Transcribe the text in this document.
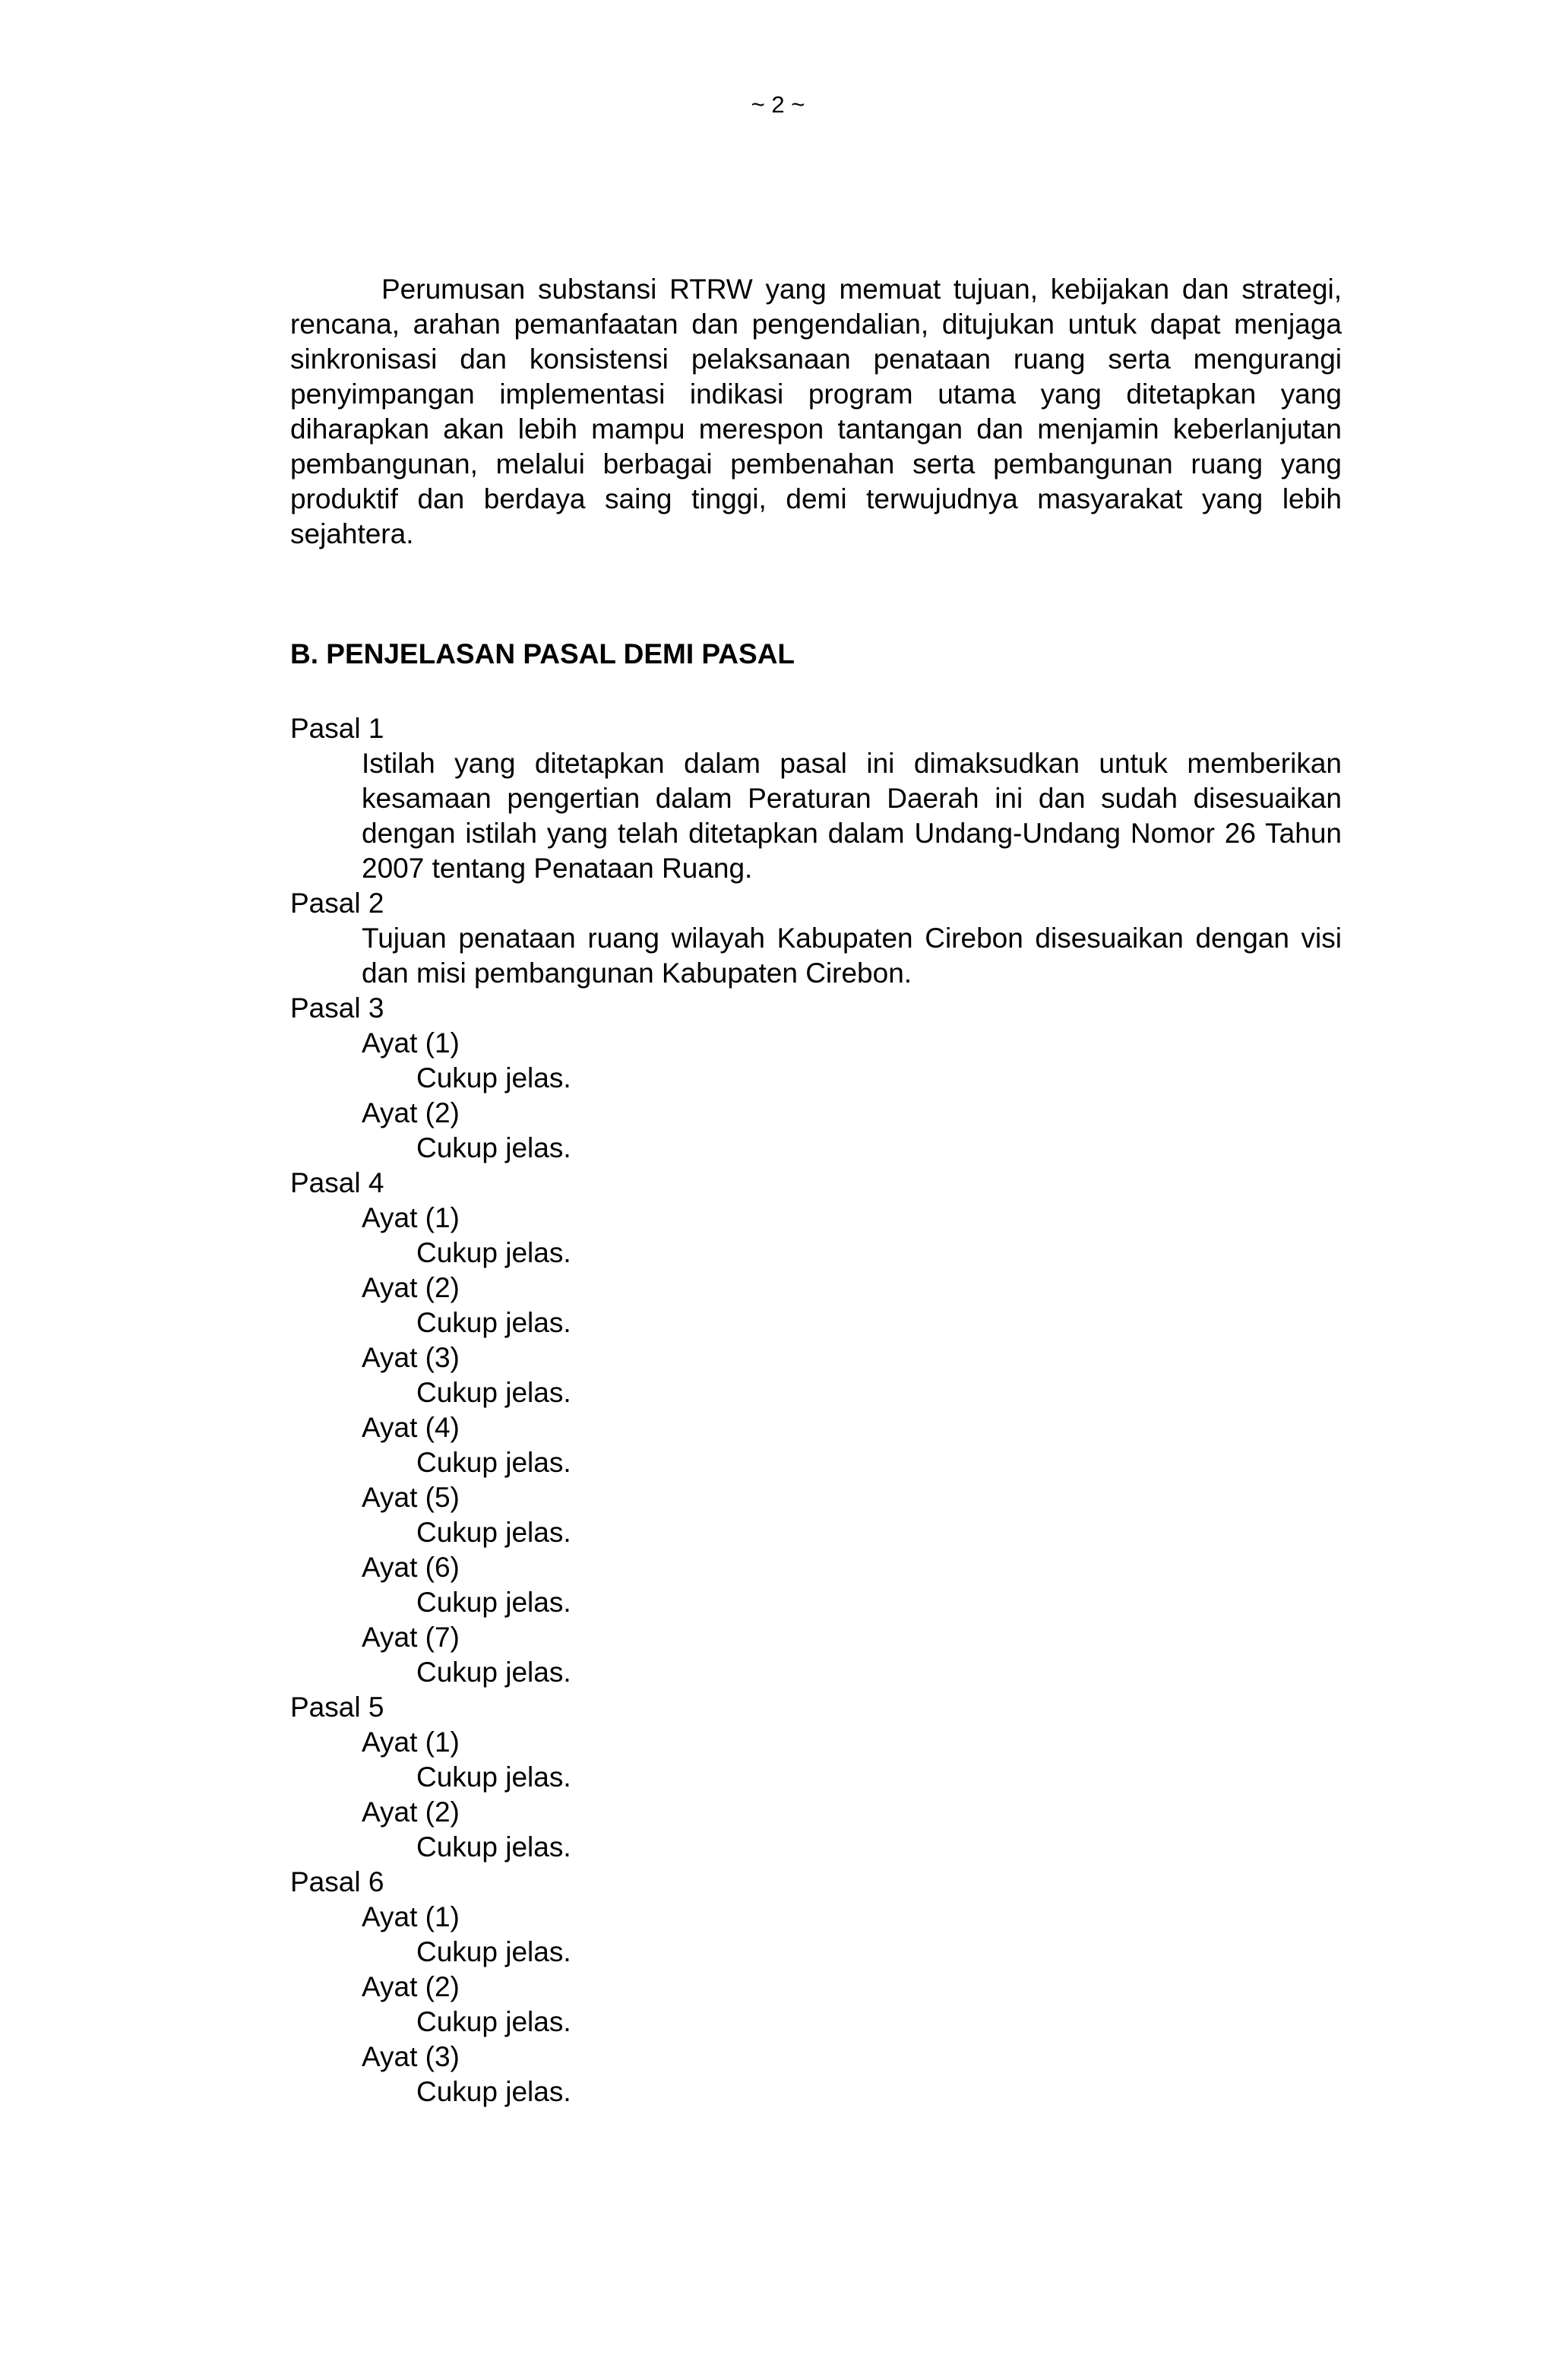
~ 2 ~

Perumusan substansi RTRW yang memuat tujuan, kebijakan dan strategi, rencana, arahan pemanfaatan dan pengendalian, ditujukan untuk dapat menjaga sinkronisasi dan konsistensi pelaksanaan penataan ruang serta mengurangi penyimpangan implementasi indikasi program utama yang ditetapkan yang diharapkan akan lebih mampu merespon tantangan dan menjamin keberlanjutan pembangunan, melalui berbagai pembenahan serta pembangunan ruang yang produktif dan berdaya saing tinggi, demi terwujudnya masyarakat yang lebih sejahtera.

B. PENJELASAN PASAL DEMI PASAL
Pasal 1

Istilah yang ditetapkan dalam pasal ini dimaksudkan untuk memberikan kesamaan pengertian dalam Peraturan Daerah ini dan sudah disesuaikan dengan istilah yang telah ditetapkan dalam Undang-Undang Nomor 26 Tahun 2007 tentang Penataan Ruang.

Pasal 2

Tujuan penataan ruang wilayah Kabupaten Cirebon disesuaikan dengan visi dan misi pembangunan Kabupaten Cirebon.

Pasal 3
Ayat (1)
Cukup jelas.
Ayat (2)
Cukup jelas.
Pasal 4
Ayat (1)
Cukup jelas.
Ayat (2)
Cukup jelas.
Ayat (3)
Cukup jelas.
Ayat (4)
Cukup jelas.
Ayat (5)
Cukup jelas.
Ayat (6)
Cukup jelas.
Ayat (7)
Cukup jelas.
Pasal 5
Ayat (1)
Cukup jelas.
Ayat (2)
Cukup jelas.
Pasal 6
Ayat (1)
Cukup jelas.
Ayat (2)
Cukup jelas.
Ayat (3)
Cukup jelas.
